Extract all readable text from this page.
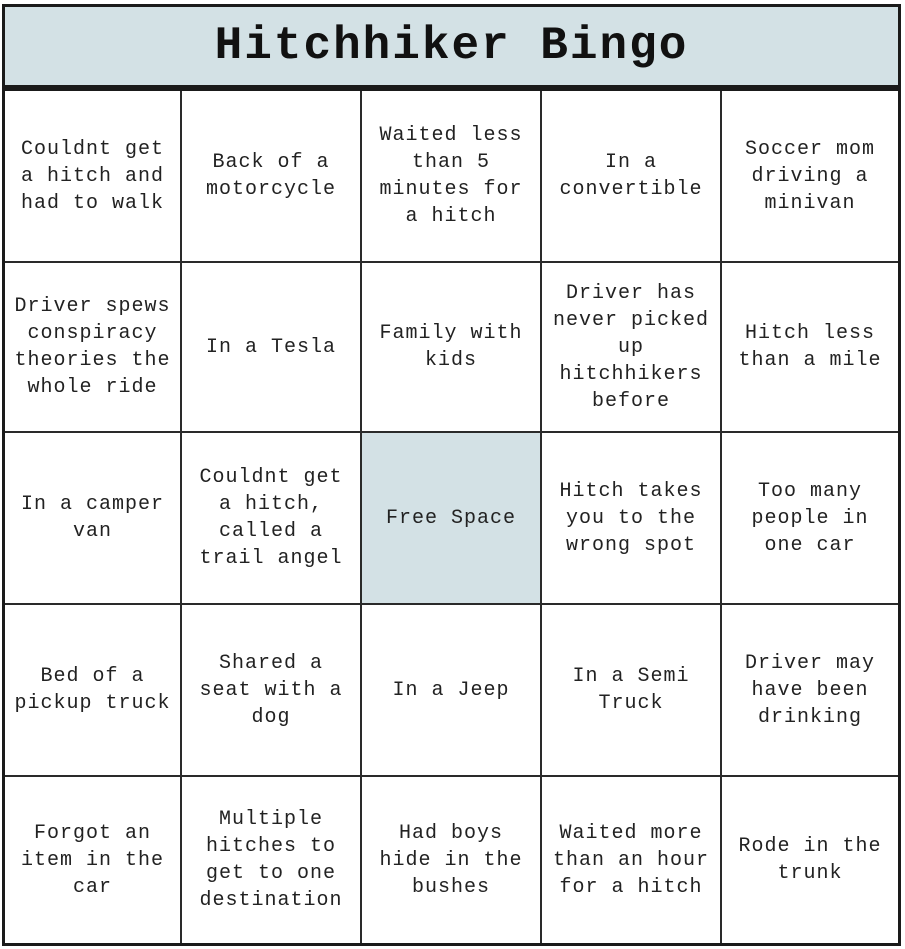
Hitchhiker Bingo
Couldnt get a hitch and had to walk
Back of a motorcycle
Waited less than 5 minutes for a hitch
In a convertible
Soccer mom driving a minivan
Driver spews conspiracy theories the whole ride
In a Tesla
Family with kids
Driver has never picked up hitchhikers before
Hitch less than a mile
In a camper van
Couldnt get a hitch, called a trail angel
Free Space
Hitch takes you to the wrong spot
Too many people in one car
Bed of a pickup truck
Shared a seat with a dog
In a Jeep
In a Semi Truck
Driver may have been drinking
Forgot an item in the car
Multiple hitches to get to one destination
Had boys hide in the bushes
Waited more than an hour for a hitch
Rode in the trunk
